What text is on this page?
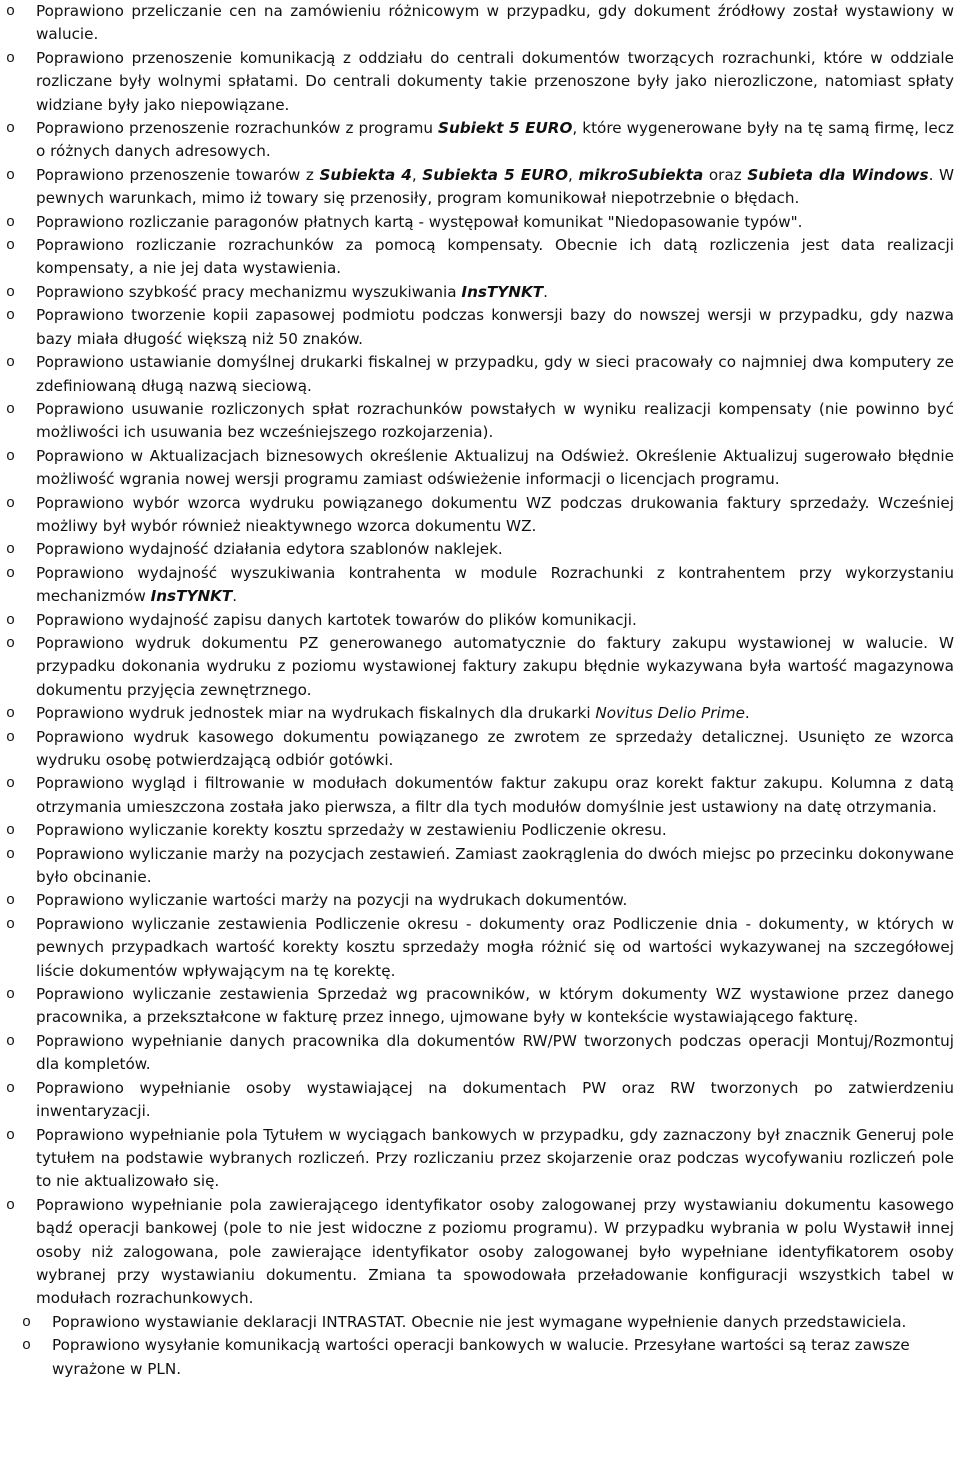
o Poprawiono przeliczanie cen na zamówieniu różnicowym w przypadku, gdy dokument źródłowy został wystawiony w walucie.
o Poprawiono przenoszenie komunikacją z oddziału do centrali dokumentów tworzących rozrachunki, które w oddziale rozliczane były wolnymi spłatami. Do centrali dokumenty takie przenoszone były jako nierozliczone, natomiast spłaty widziane były jako niepowiązane.
o Poprawiono przenoszenie rozrachunków z programu Subiekt 5 EURO, które wygenerowane były na tę samą firmę, lecz o różnych danych adresowych.
o Poprawiono przenoszenie towarów z Subiekta 4, Subiekta 5 EURO, mikroSubiekta oraz Subieta dla Windows. W pewnych warunkach, mimo iż towary się przenosiły, program komunikował niepotrzebnie o błędach.
o Poprawiono rozliczanie paragonów płatnych kartą - występował komunikat "Niedopasowanie typów".
o Poprawiono rozliczanie rozrachunków za pomocą kompensaty. Obecnie ich datą rozliczenia jest data realizacji kompensaty, a nie jej data wystawienia.
o Poprawiono szybkość pracy mechanizmu wyszukiwania InsTYNKT.
o Poprawiono tworzenie kopii zapasowej podmiotu podczas konwersji bazy do nowszej wersji w przypadku, gdy nazwa bazy miała długość większą niż 50 znaków.
o Poprawiono ustawianie domyślnej drukarki fiskalnej w przypadku, gdy w sieci pracowały co najmniej dwa komputery ze zdefiniowaną długą nazwą sieciową.
o Poprawiono usuwanie rozliczonych spłat rozrachunków powstałych w wyniku realizacji kompensaty (nie powinno być możliwości ich usuwania bez wcześniejszego rozkojarzenia).
o Poprawiono w Aktualizacjach biznesowych określenie Aktualizuj na Odśwież. Określenie Aktualizuj sugerowało błędnie możliwość wgrania nowej wersji programu zamiast odświeżenie informacji o licencjach programu.
o Poprawiono wybór wzorca wydruku powiązanego dokumentu WZ podczas drukowania faktury sprzedaży. Wcześniej możliwy był wybór również nieaktywnego wzorca dokumentu WZ.
o Poprawiono wydajność działania edytora szablonów naklejek.
o Poprawiono wydajność wyszukiwania kontrahenta w module Rozrachunki z kontrahentem przy wykorzystaniu mechanizmów InsTYNKT.
o Poprawiono wydajność zapisu danych kartotek towarów do plików komunikacji.
o Poprawiono wydruk dokumentu PZ generowanego automatycznie do faktury zakupu wystawionej w walucie. W przypadku dokonania wydruku z poziomu wystawionej faktury zakupu błędnie wykazywana była wartość magazynowa dokumentu przyjęcia zewnętrznego.
o Poprawiono wydruk jednostek miar na wydrukach fiskalnych dla drukarki Novitus Delio Prime.
o Poprawiono wydruk kasowego dokumentu powiązanego ze zwrotem ze sprzedaży detalicznej. Usunięto ze wzorca wydruku osobę potwierdzającą odbiór gotówki.
o Poprawiono wygląd i filtrowanie w modułach dokumentów faktur zakupu oraz korekt faktur zakupu. Kolumna z datą otrzymania umieszczona została jako pierwsza, a filtr dla tych modułów domyślnie jest ustawiony na datę otrzymania.
o Poprawiono wyliczanie korekty kosztu sprzedaży w zestawieniu Podliczenie okresu.
o Poprawiono wyliczanie marży na pozycjach zestawień. Zamiast zaokrąglenia do dwóch miejsc po przecinku dokonywane było obcinanie.
o Poprawiono wyliczanie wartości marży na pozycji na wydrukach dokumentów.
o Poprawiono wyliczanie zestawienia Podliczenie okresu - dokumenty oraz Podliczenie dnia - dokumenty, w których w pewnych przypadkach wartość korekty kosztu sprzedaży mogła różnić się od wartości wykazywanej na szczegółowej liście dokumentów wpływającym na tę korektę.
o Poprawiono wyliczanie zestawienia Sprzedaż wg pracowników, w którym dokumenty WZ wystawione przez danego pracownika, a przekształcone w fakturę przez innego, ujmowane były w kontekście wystawiającego fakturę.
o Poprawiono wypełnianie danych pracownika dla dokumentów RW/PW tworzonych podczas operacji Montuj/Rozmontuj dla kompletów.
o Poprawiono wypełnianie osoby wystawiającej na dokumentach PW oraz RW tworzonych po zatwierdzeniu inwentaryzacji.
o Poprawiono wypełnianie pola Tytułem w wyciągach bankowych w przypadku, gdy zaznaczony był znacznik Generuj pole tytułem na podstawie wybranych rozliczeń. Przy rozliczaniu przez skojarzenie oraz podczas wycofywaniu rozliczeń pole to nie aktualizowało się.
o Poprawiono wypełnianie pola zawierającego identyfikator osoby zalogowanej przy wystawianiu dokumentu kasowego bądź operacji bankowej (pole to nie jest widoczne z poziomu programu). W przypadku wybrania w polu Wystawił innej osoby niż zalogowana, pole zawierające identyfikator osoby zalogowanej było wypełniane identyfikatorem osoby wybranej przy wystawianiu dokumentu. Zmiana ta spowodowała przeładowanie konfiguracji wszystkich tabel w modułach rozrachunkowych.
o Poprawiono wystawianie deklaracji INTRASTAT. Obecnie nie jest wymagane wypełnienie danych przedstawiciela.
o Poprawiono wysyłanie komunikacją wartości operacji bankowych w walucie. Przesyłane wartości są teraz zawsze wyrażone w PLN.
